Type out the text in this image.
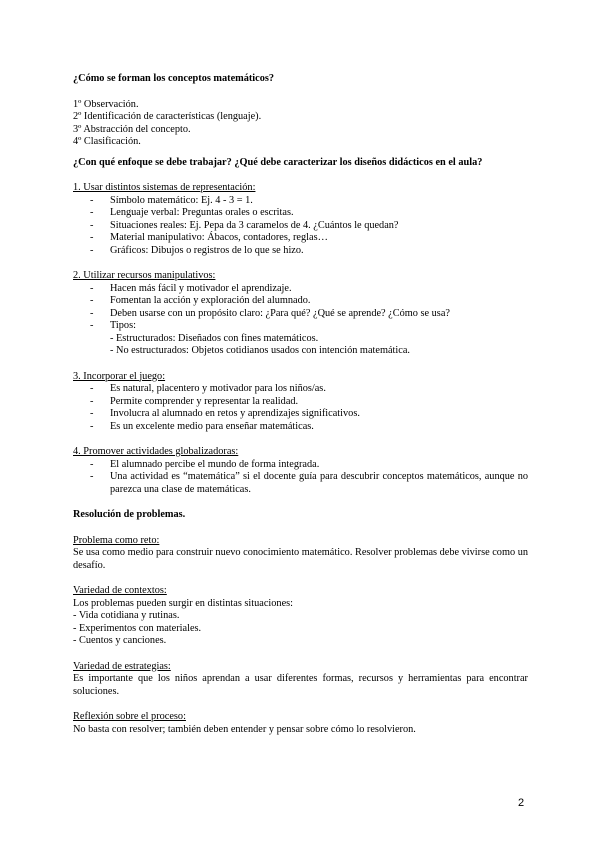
¿Cómo se forman los conceptos matemáticos?

1º Observación.

2º Identificación de características (lenguaje).

3º Abstracción del concepto.

4º Clasificación.

¿Con qué enfoque se debe trabajar? ¿Qué debe caracterizar los diseños didácticos en el aula?

1. Usar distintos sistemas de representación:

- Símbolo matemático: Ej. 4 - 3 = 1.
- Lenguaje verbal: Preguntas orales o escritas.
- Situaciones reales: Ej. Pepa da 3 caramelos de 4. ¿Cuántos le quedan?
- Material manipulativo: Ábacos, contadores, reglas…
- Gráficos: Dibujos o registros de lo que se hizo.

2. Utilizar recursos manipulativos:

- Hacen más fácil y motivador el aprendizaje.
- Fomentan la acción y exploración del alumnado.
- Deben usarse con un propósito claro: ¿Para qué? ¿Qué se aprende? ¿Cómo se usa?
- Tipos:

- Estructurados: Diseñados con fines matemáticos.

- No estructurados: Objetos cotidianos usados con intención matemática.

3. Incorporar el juego:

- Es natural, placentero y motivador para los niños/as.
- Permite comprender y representar la realidad.
- Involucra al alumnado en retos y aprendizajes significativos.
- Es un excelente medio para enseñar matemáticas.

4. Promover actividades globalizadoras:

- El alumnado percibe el mundo de forma integrada.
- Una actividad es “matemática” si el docente guía para descubrir conceptos matemáticos, aunque no parezca una clase de matemáticas.

Resolución de problemas.

Problema como reto:

Se usa como medio para construir nuevo conocimiento matemático. Resolver problemas debe vivirse como un desafío.

Variedad de contextos:

Los problemas pueden surgir en distintas situaciones:

- Vida cotidiana y rutinas.

- Experimentos con materiales.

- Cuentos y canciones.

Variedad de estrategias:

Es importante que los niños aprendan a usar diferentes formas, recursos y herramientas para encontrar soluciones.

Reflexión sobre el proceso:

No basta con resolver; también deben entender y pensar sobre cómo lo resolvieron.

2
